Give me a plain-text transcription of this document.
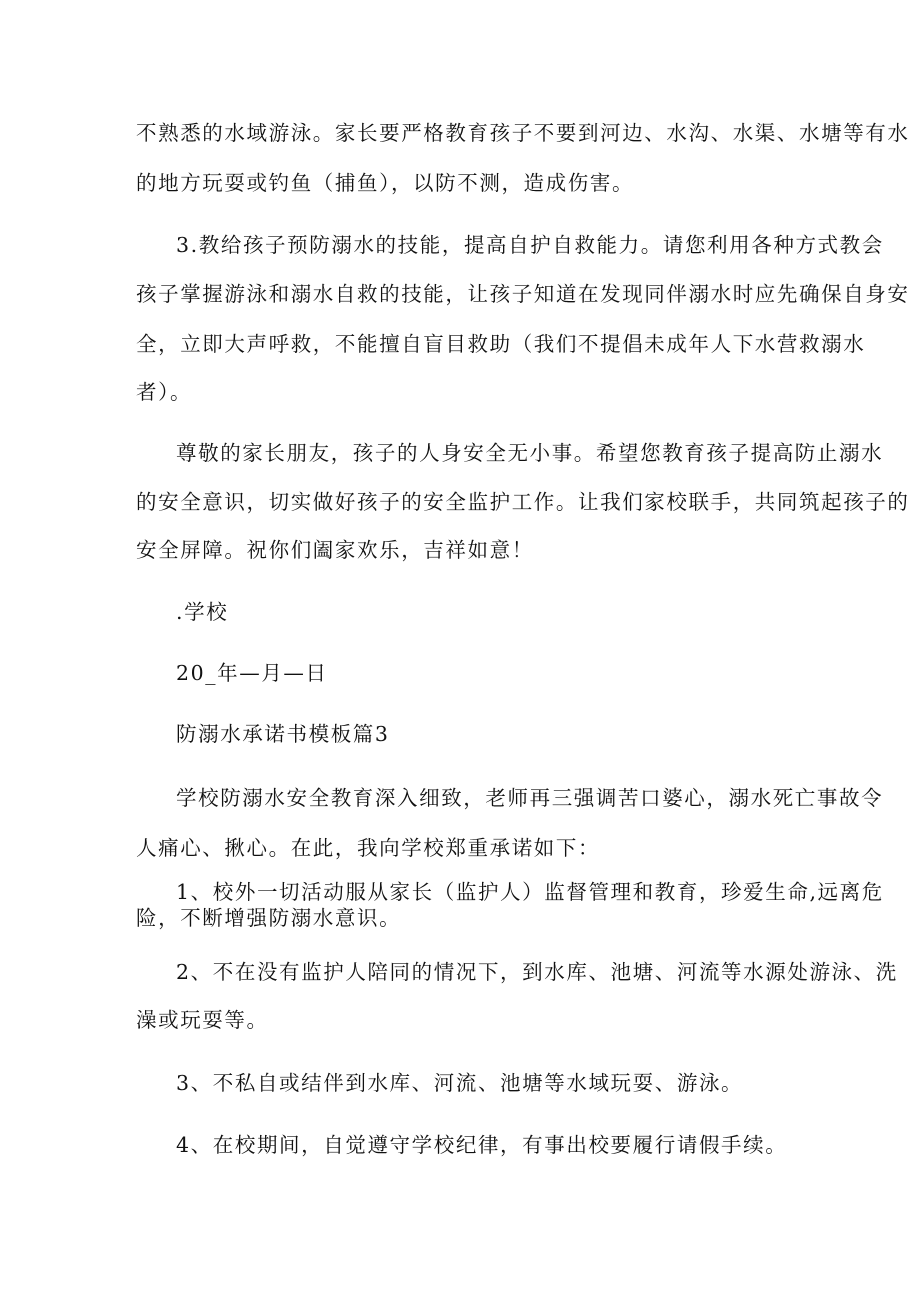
不熟悉的水域游泳。家长要严格教育孩子不要到河边、水沟、水渠、水塘等有水
的地方玩耍或钓鱼（捕鱼），以防不测，造成伤害。
3.教给孩子预防溺水的技能，提高自护自救能力。请您利用各种方式教会
孩子掌握游泳和溺水自救的技能，让孩子知道在发现同伴溺水时应先确保自身安
全，立即大声呼救，不能擅自盲目救助（我们不提倡未成年人下水营救溺水
者）。
尊敬的家长朋友，孩子的人身安全无小事。希望您教育孩子提高防止溺水
的安全意识，切实做好孩子的安全监护工作。让我们家校联手，共同筑起孩子的
安全屏障。祝你们阖家欢乐，吉祥如意！
.学校
20_年—月—日
防溺水承诺书模板篇3
学校防溺水安全教育深入细致，老师再三强调苦口婆心，溺水死亡事故令
人痛心、揪心。在此，我向学校郑重承诺如下：
1、校外一切活动服从家长（监护人）监督管理和教育，珍爱生命,远离危
险，不断增强防溺水意识。
2、不在没有监护人陪同的情况下，到水库、池塘、河流等水源处游泳、洗
澡或玩耍等。
3、不私自或结伴到水库、河流、池塘等水域玩耍、游泳。
4、在校期间，自觉遵守学校纪律，有事出校要履行请假手续。
